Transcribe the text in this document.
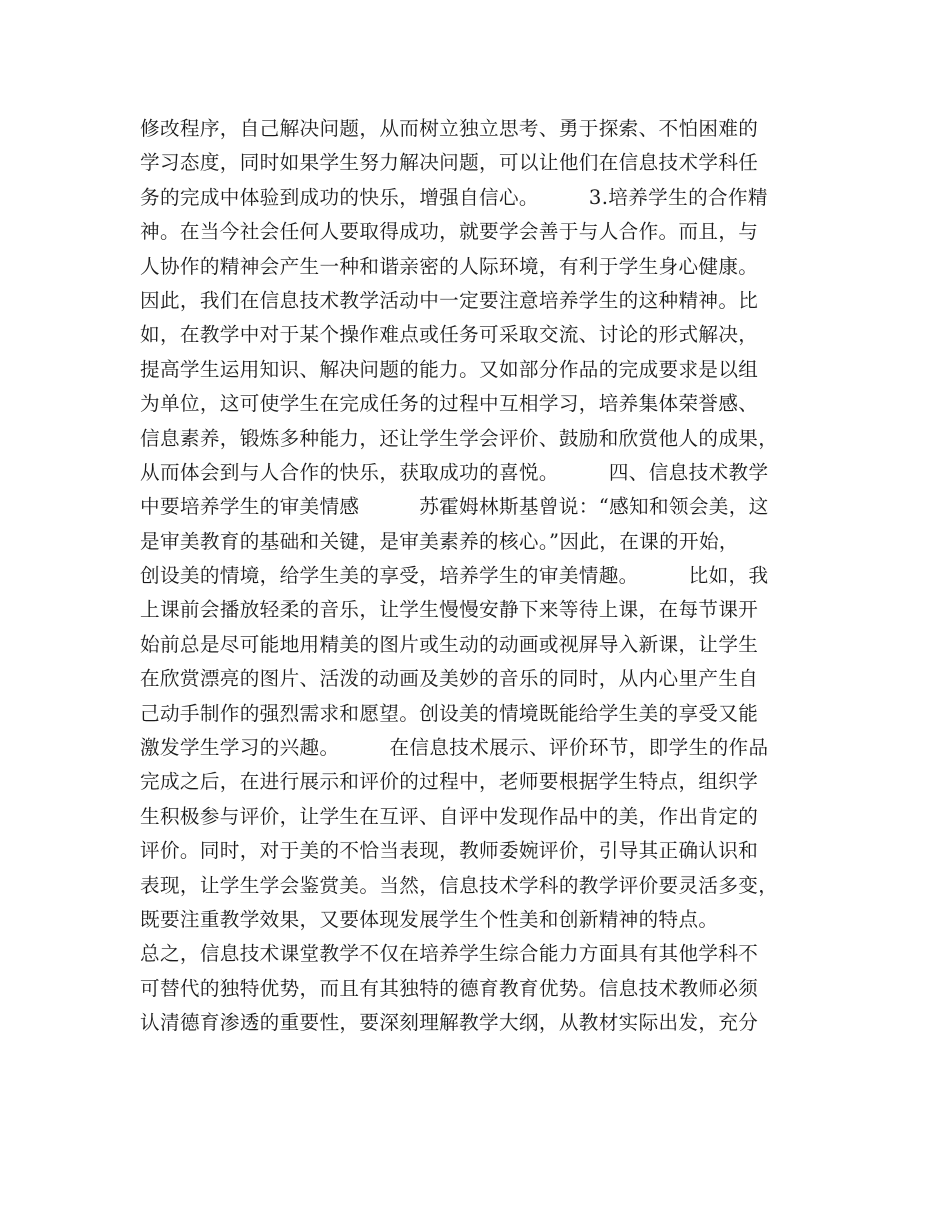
修改程序，自己解决问题，从而树立独立思考、勇于探索、不怕困难的
学习态度，同时如果学生努力解决问题，可以让他们在信息技术学科任
务的完成中体验到成功的快乐，增强自信心。　　　3.培养学生的合作精
神。在当今社会任何人要取得成功，就要学会善于与人合作。而且，与
人协作的精神会产生一种和谐亲密的人际环境，有利于学生身心健康。
因此，我们在信息技术教学活动中一定要注意培养学生的这种精神。比
如，在教学中对于某个操作难点或任务可采取交流、讨论的形式解决，
提高学生运用知识、解决问题的能力。又如部分作品的完成要求是以组
为单位，这可使学生在完成任务的过程中互相学习，培养集体荣誉感、
信息素养，锻炼多种能力，还让学生学会评价、鼓励和欣赏他人的成果，
从而体会到与人合作的快乐，获取成功的喜悦。　　　四、信息技术教学
中要培养学生的审美情感　　　苏霍姆林斯基曾说：“感知和领会美，这
是审美教育的基础和关键，是审美素养的核心。”因此，在课的开始，
创设美的情境，给学生美的享受，培养学生的审美情趣。　　　比如，我
上课前会播放轻柔的音乐，让学生慢慢安静下来等待上课，在每节课开
始前总是尽可能地用精美的图片或生动的动画或视屏导入新课，让学生
在欣赏漂亮的图片、活泼的动画及美妙的音乐的同时，从内心里产生自
己动手制作的强烈需求和愿望。创设美的情境既能给学生美的享受又能
激发学生学习的兴趣。　　　在信息技术展示、评价环节，即学生的作品
完成之后，在进行展示和评价的过程中，老师要根据学生特点，组织学
生积极参与评价，让学生在互评、自评中发现作品中的美，作出肯定的
评价。同时，对于美的不恰当表现，教师委婉评价，引导其正确认识和
表现，让学生学会鉴赏美。当然，信息技术学科的教学评价要灵活多变，
既要注重教学效果，又要体现发展学生个性美和创新精神的特点。　　　
总之，信息技术课堂教学不仅在培养学生综合能力方面具有其他学科不
可替代的独特优势，而且有其独特的德育教育优势。信息技术教师必须
认清德育渗透的重要性，要深刻理解教学大纲，从教材实际出发，充分
